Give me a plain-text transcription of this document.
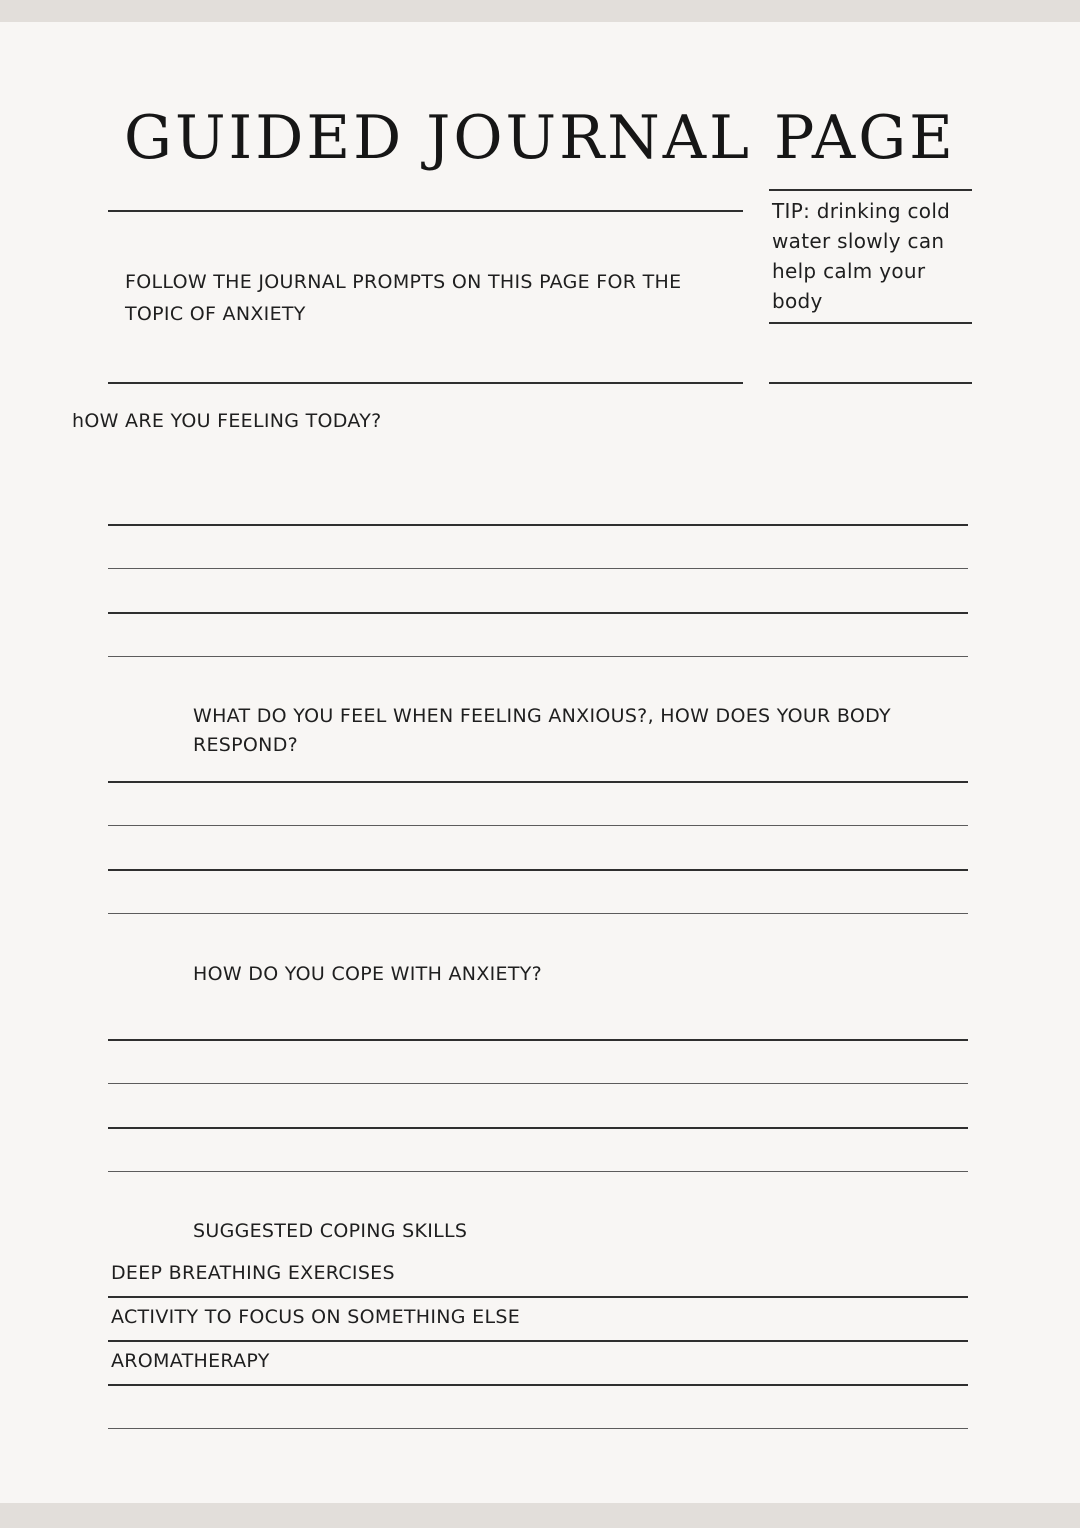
GUIDED JOURNAL PAGE

FOLLOW THE JOURNAL PROMPTS ON THIS PAGE FOR THE TOPIC OF ANXIETY

TIP: drinking cold water slowly can help calm your body

hOW ARE YOU FEELING TODAY?

WHAT DO YOU FEEL WHEN FEELING ANXIOUS?, HOW DOES YOUR BODY RESPOND?

HOW DO YOU COPE WITH ANXIETY?

SUGGESTED COPING SKILLS

DEEP BREATHING EXERCISES

ACTIVITY TO FOCUS ON SOMETHING ELSE

AROMATHERAPY
